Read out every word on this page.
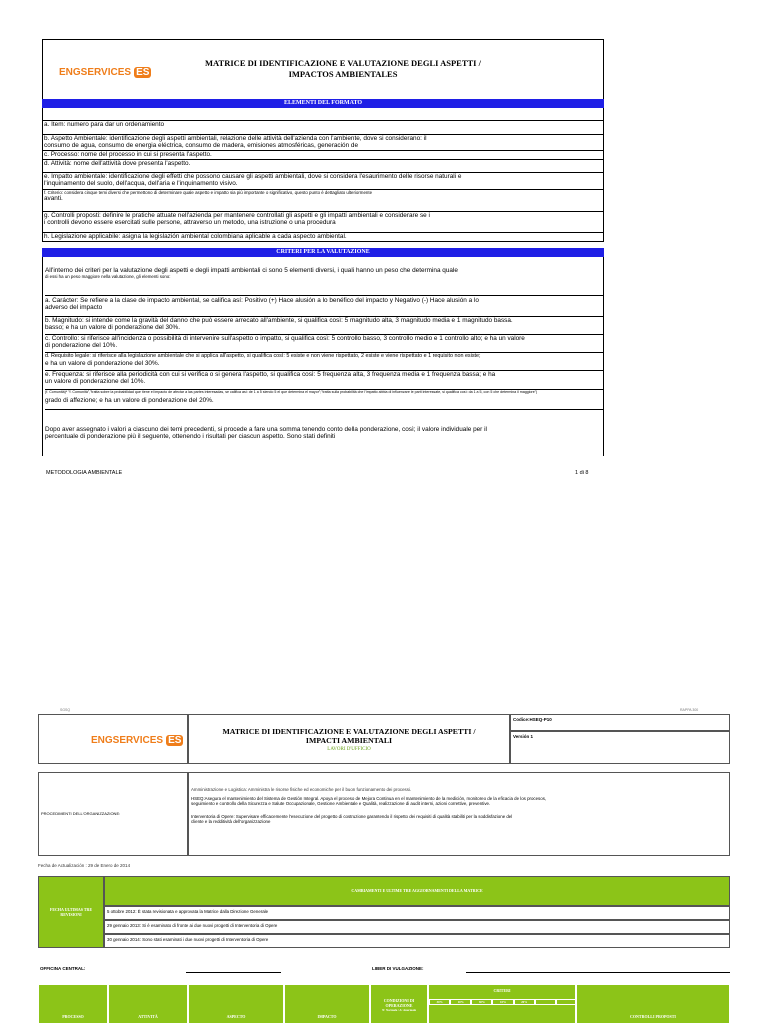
ENGSERVICES ES
MATRICE DI IDENTIFICAZIONE E VALUTAZIONE DEGLI ASPETTI /
IMPACTOS AMBIENTALES
ELEMENTI DEL FORMATO
a. Item: numero para dar un ordenamiento
b. Aspetto Ambientale: identificazione degli aspetti ambientali, relazione delle attività dell'azienda con l'ambiente, dove si considerano: il
consumo de agua, consumo de energia eléctrica, consumo de madera, emisiones atmosféricas, generación de
c. Processo: nome del processo in cui si presenta l'aspetto.
d. Attività: nome dell'attività dove presenta l'aspetto.
e. Impatto ambientale: identificazione degli effetti che possono causare gli aspetti ambientali, dove si considera l'esaurimento delle risorse naturali e
l'inquinamento del suolo, dell'acqua, dell'aria e l'inquinamento visivo.
f. Criterio: considera cinque temi diversi che permettono di determinare quale aspetto e impatto sia più importante o significativo, questo punto è dettagliato ulteriormente
avanti.
g. Controlli proposti: definire le pratiche attuate nell'azienda per mantenere controllati gli aspetti e gli impatti ambientali e considerare se i
i controlli devono essere esercitati sulle persone, attraverso un metodo, una istruzione o una procedura
h. Legislazione applicabile: asigna la legislazión ambiental colombiana aplicable a cada aspecto ambiental.
CRITERI PER LA VALUTAZIONE
All'interno dei criteri per la valutazione degli aspetti e degli impatti ambientali ci sono 5 elementi diversi, i quali hanno un peso che determina quale
di essi ha un peso maggiore nella valutazione, gli elementi sono:
a. Carácter: Se refiere a la clase de impacto ambiental, se califica así: Positivo (+) Hace alusión a lo benéfico del impacto y Negativo (-) Hace alusión a lo
adverso del impacto
b. Magnitudo: si intende come la gravità del danno che può essere arrecato all'ambiente, si qualifica così: 5 magnitudo alta, 3 magnitudo media e 1 magnitudo bassa.
basso; e ha un valore di ponderazione del 30%.
c. Controllo: si riferisce all'incidenza o possibilità di intervenire sull'aspetto o impatto, si qualifica così: 5 controllo basso, 3 controllo medio e 1 controllo alto; e ha un valore
di ponderazione del 10%.
d. Requisito legale: si riferisce alla legislazione ambientale che si applica all'aspetto, si qualifica così: 5 esiste e non viene rispettato, 2 esiste e viene rispettato e 1 requisito non esiste;
e ha un valore di ponderazione del 30%.
e. Frequenza: si riferisce alla periodicità con cui si verifica o si genera l'aspetto, si qualifica così: 5 frequenza alta, 3 frequenza media e 1 frequenza bassa; e ha
un valore di ponderazione del 10%.
(f. Comunità)* "f. Comunità","tratta sobre la probabilidad que tiene el impacto de afectar a las partes interesadas, se califica así: de 1 a 5 siendo 5 el que determina el mayor";"tratta sulla probabilità che l'impatto abbia di influenzare le parti interessate, si qualifica così: da 1 a 5, con 5 che determina il maggiore")
grado di affezione; e ha un valore di ponderazione del 20%.
Dopo aver assegnato i valori a ciascuno dei temi precedenti, si procede a fare una somma tenendo conto della ponderazione, così; il valore individuale per il
percentuale di ponderazione più il seguente, ottenendo i risultati per ciascun aspetto. Sono stati definiti
METODOLOGIA AMBIENTALE	1 di 8
SGSQ	RAPPA 300
ENGSERVICES ES
MATRICE DI IDENTIFICAZIONE E VALUTAZIONE DEGLI ASPETTI /
IMPACTI AMBIENTALI
LAVORI D'UFFICIO
Codice:HSEQ-P10
Versión 1
PROCEDIMENTI DELL'ORGANIZZAZIONE:
Amministrazione e Logistica: Amministra le risorse fisiche ed economiche per il buon funzionamento dei processi.
HSEQ:Asegura el mantenimiento del Sistema de Gestión Integral. Apoya el proceso de Mejora Continua en el mantenimiento de la medición, monitoreo de la eficacia de los procesos,
seguimiento e controllo della Sicurezza e Salute Occupazionale, Gestione Ambientale e Qualità, realizzazione di audit interni, azioni correttive, preventive.
Interventoria di Opere: Supervisare efficacemente l'esecuzione del progetto di costruzione garantendo il rispetto dei requisiti di qualità stabiliti per la soddisfazione del
cliente e la redditività dell'organizzazione
Fecha de Actualización : 29 de Enero de 2014
FECHA ULTIMAS TRE REVISIONI
CAMBIAMENTI E ULTIME TRE AGGIORNAMENTI DELLA MATRICE
5 ottobre 2012: È stata revisionata e approvata la Matrice dalla Direzione Generale
29 gennaio 2013: Si è esaminato di fronte ai due nuovi progetti di Interventoria di Opere
30 gennaio 2014: Sono stati esaminati i due nuovi progetti di Interventoria di Opere
OFFICINA CENTRAL:	LIBER DI VULGAZIONE:
PROCESSO	ATTIVITÀ	ASPECTO	IMPACTO
CONDIZIONI DI OPERAZIONE
N: Normale / A: Anormale
CRITERI
30%	10%	30%	10%	20%
CONTROLLI PROPOSTI
